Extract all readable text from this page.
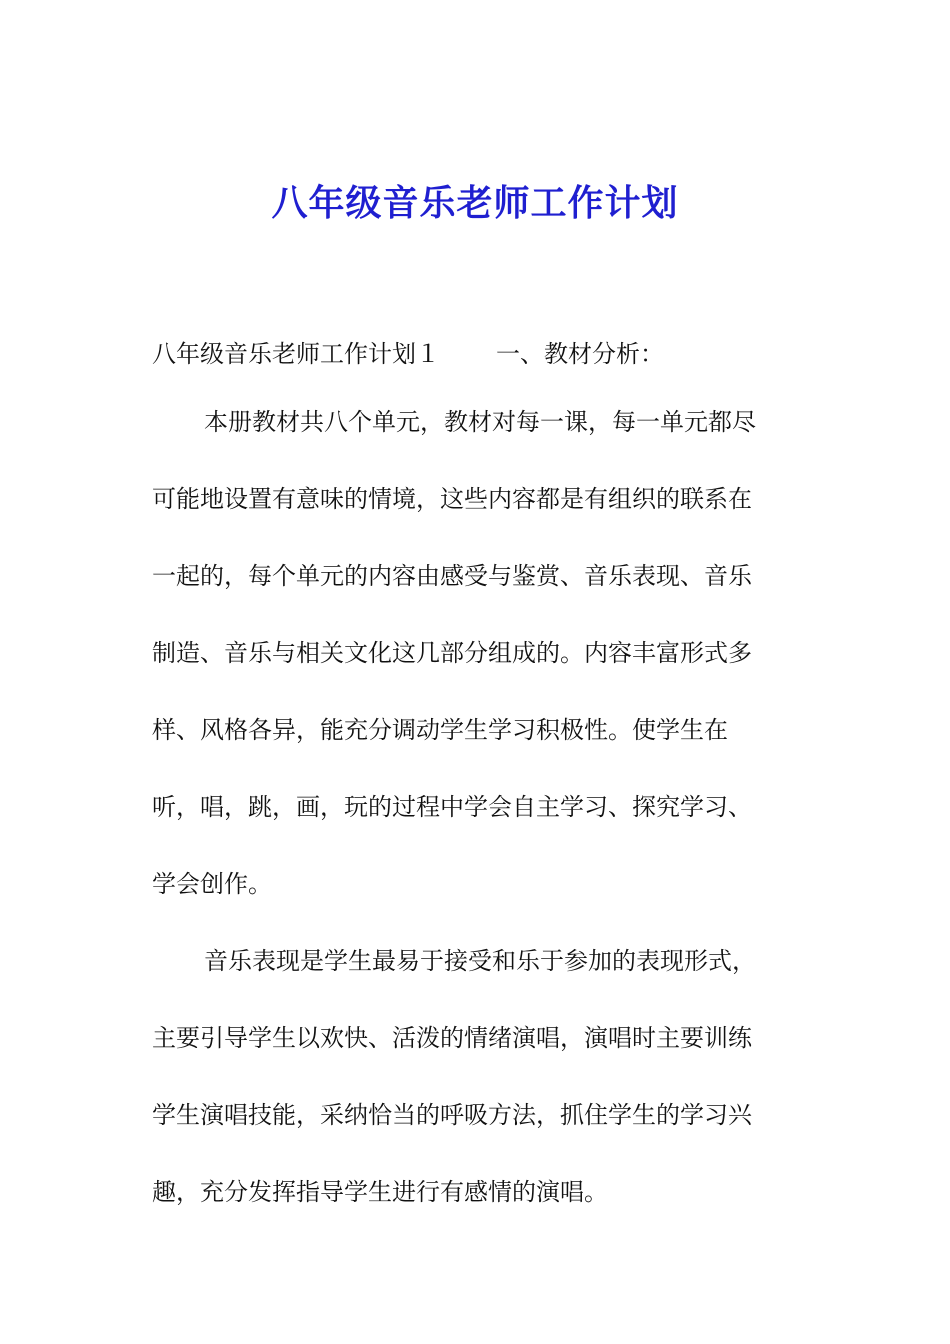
八年级音乐老师工作计划
八年级音乐老师工作计划１ 一、教材分析：
本册教材共八个单元，教材对每一课，每一单元都尽
可能地设置有意味的情境，这些内容都是有组织的联系在
一起的，每个单元的内容由感受与鉴赏、音乐表现、音乐
制造、音乐与相关文化这几部分组成的。内容丰富形式多
样、风格各异，能充分调动学生学习积极性。使学生在
听，唱，跳，画，玩的过程中学会自主学习、探究学习、
学会创作。
音乐表现是学生最易于接受和乐于参加的表现形式，
主要引导学生以欢快、活泼的情绪演唱，演唱时主要训练
学生演唱技能，采纳恰当的呼吸方法，抓住学生的学习兴
趣，充分发挥指导学生进行有感情的演唱。
